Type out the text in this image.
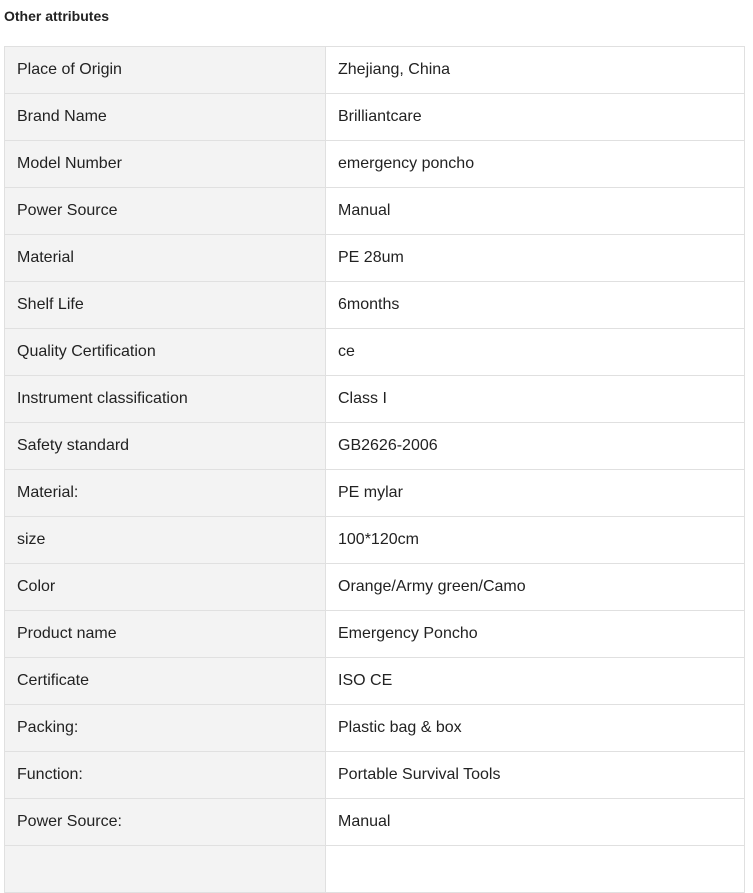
Other attributes
Place of Origin	Zhejiang, China
Brand Name	Brilliantcare
Model Number	emergency poncho
Power Source	Manual
Material	PE 28um
Shelf Life	6months
Quality Certification	ce
Instrument classification	Class I
Safety standard	GB2626-2006
Material:	PE mylar
size	100*120cm
Color	Orange/Army green/Camo
Product name	Emergency Poncho
Certificate	ISO CE
Packing:	Plastic bag & box
Function:	Portable Survival Tools
Power Source:	Manual
